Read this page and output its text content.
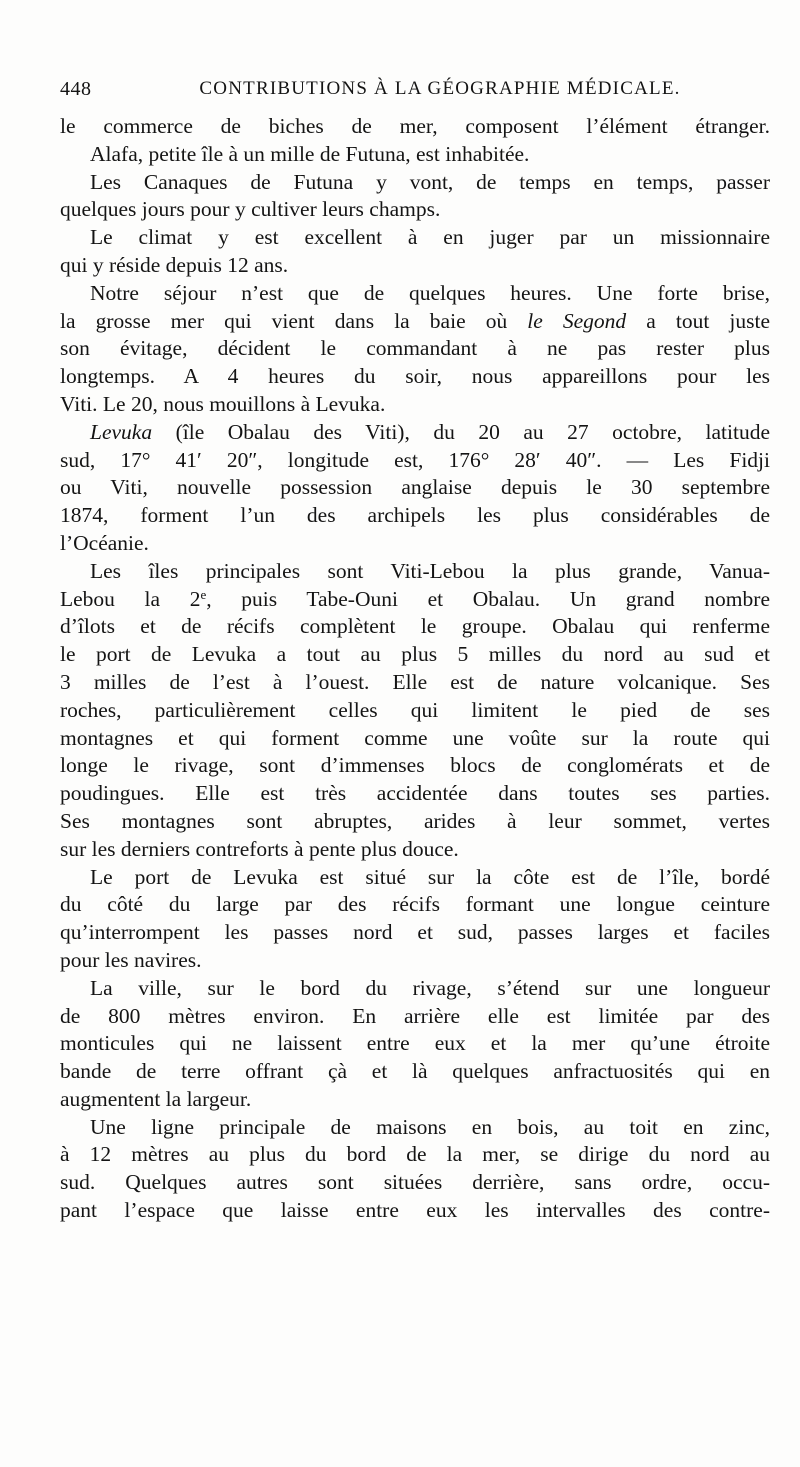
448	CONTRIBUTIONS À LA GÉOGRAPHIE MÉDICALE.
le commerce de biches de mer, composent l’élément étranger.
Alafa, petite île à un mille de Futuna, est inhabitée.
Les Canaques de Futuna y vont, de temps en temps, passer
quelques jours pour y cultiver leurs champs.
Le climat y est excellent à en juger par un missionnaire
qui y réside depuis 12 ans.
Notre séjour n’est que de quelques heures. Une forte brise,
la grosse mer qui vient dans la baie où le Segond a tout juste
son évitage, décident le commandant à ne pas rester plus
longtemps. A 4 heures du soir, nous appareillons pour les
Viti. Le 20, nous mouillons à Levuka.
Levuka (île Obalau des Viti), du 20 au 27 octobre, latitude
sud, 17° 41′ 20″, longitude est, 176° 28′ 40″. — Les Fidji
ou Viti, nouvelle possession anglaise depuis le 30 septembre
1874, forment l’un des archipels les plus considérables de
l’Océanie.
Les îles principales sont Viti-Lebou la plus grande, Vanua-
Lebou la 2e, puis Tabe-Ouni et Obalau. Un grand nombre
d’îlots et de récifs complètent le groupe. Obalau qui renferme
le port de Levuka a tout au plus 5 milles du nord au sud et
3 milles de l’est à l’ouest. Elle est de nature volcanique. Ses
roches, particulièrement celles qui limitent le pied de ses
montagnes et qui forment comme une voûte sur la route qui
longe le rivage, sont d’immenses blocs de conglomérats et de
poudingues. Elle est très accidentée dans toutes ses parties.
Ses montagnes sont abruptes, arides à leur sommet, vertes
sur les derniers contreforts à pente plus douce.
Le port de Levuka est situé sur la côte est de l’île, bordé
du côté du large par des récifs formant une longue ceinture
qu’interrompent les passes nord et sud, passes larges et faciles
pour les navires.
La ville, sur le bord du rivage, s’étend sur une longueur
de 800 mètres environ. En arrière elle est limitée par des
monticules qui ne laissent entre eux et la mer qu’une étroite
bande de terre offrant çà et là quelques anfractuosités qui en
augmentent la largeur.
Une ligne principale de maisons en bois, au toit en zinc,
à 12 mètres au plus du bord de la mer, se dirige du nord au
sud. Quelques autres sont situées derrière, sans ordre, occu-
pant l’espace que laisse entre eux les intervalles des contre-
